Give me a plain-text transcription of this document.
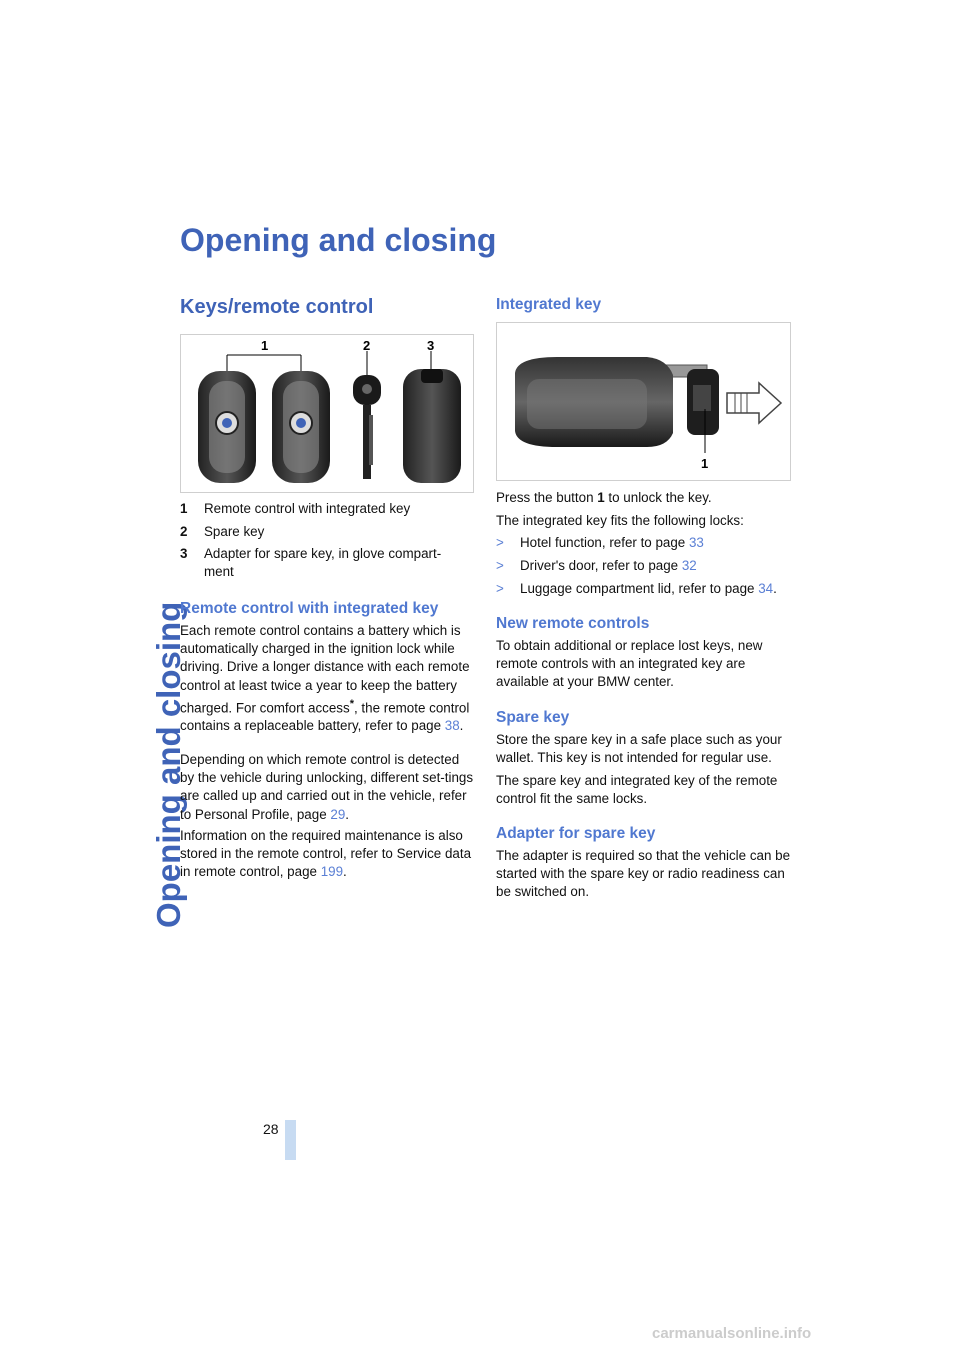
Opening and closing
Opening and closing
Keys/remote control
1	2	3
1 Remote control with integrated key
2 Spare key
3 Adapter for spare key, in glove compart-ment
Remote control with integrated key

Each remote control contains a battery which is automatically charged in the ignition lock while driving. Drive a longer distance with each remote control at least twice a year to keep the battery charged. For comfort access*, the remote control contains a replaceable battery, refer to page 38.

Depending on which remote control is detected by the vehicle during unlocking, different set-tings are called up and carried out in the vehicle, refer to Personal Profile, page 29.

Information on the required maintenance is also stored in the remote control, refer to Service data in remote control, page 199.

Integrated key
1

Press the button 1 to unlock the key.

The integrated key fits the following locks:

> Hotel function, refer to page 33
> Driver's door, refer to page 32
> Luggage compartment lid, refer to page 34.
New remote controls

To obtain additional or replace lost keys, new remote controls with an integrated key are available at your BMW center.

Spare key

Store the spare key in a safe place such as your wallet. This key is not intended for regular use.

The spare key and integrated key of the remote control fit the same locks.

Adapter for spare key

The adapter is required so that the vehicle can be started with the spare key or radio readiness can be switched on.

28
carmanualsonline.info
